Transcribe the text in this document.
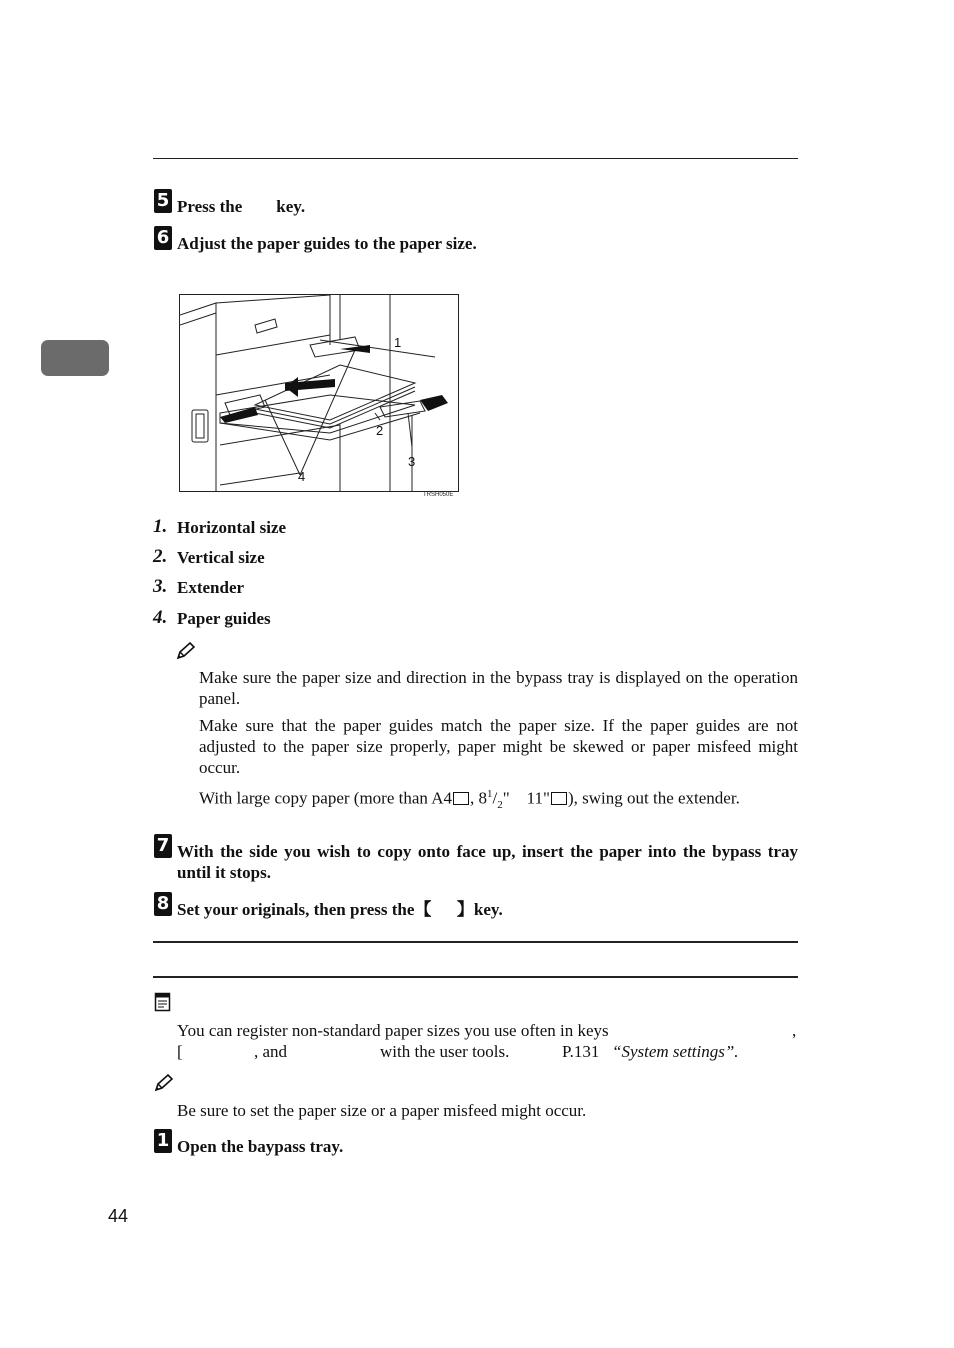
5 Press the        key.
6 Adjust the paper guides to the paper size.
1
2
3
4
TRSH050E
1. Horizontal size
2. Vertical size
3. Extender
4. Paper guides
Make sure the paper size and direction in the bypass tray is displayed on the operation panel.
Make sure that the paper guides match the paper size. If the paper guides are not adjusted to the paper size properly, paper might be skewed or paper misfeed might occur.
With large copy paper (more than A4 , $8^1/_2$"    11" ), swing out the extender.
7 With the side you wish to copy onto face up, insert the paper into the bypass tray until it stops.
8 Set your originals, then press the【      】key.
You can register non-standard paper sizes you use often in keys	,
[	, and	with the user tools.	P.131 “System settings”.
Be sure to set the paper size or a paper misfeed might occur.
1 Open the baypass tray.
44
